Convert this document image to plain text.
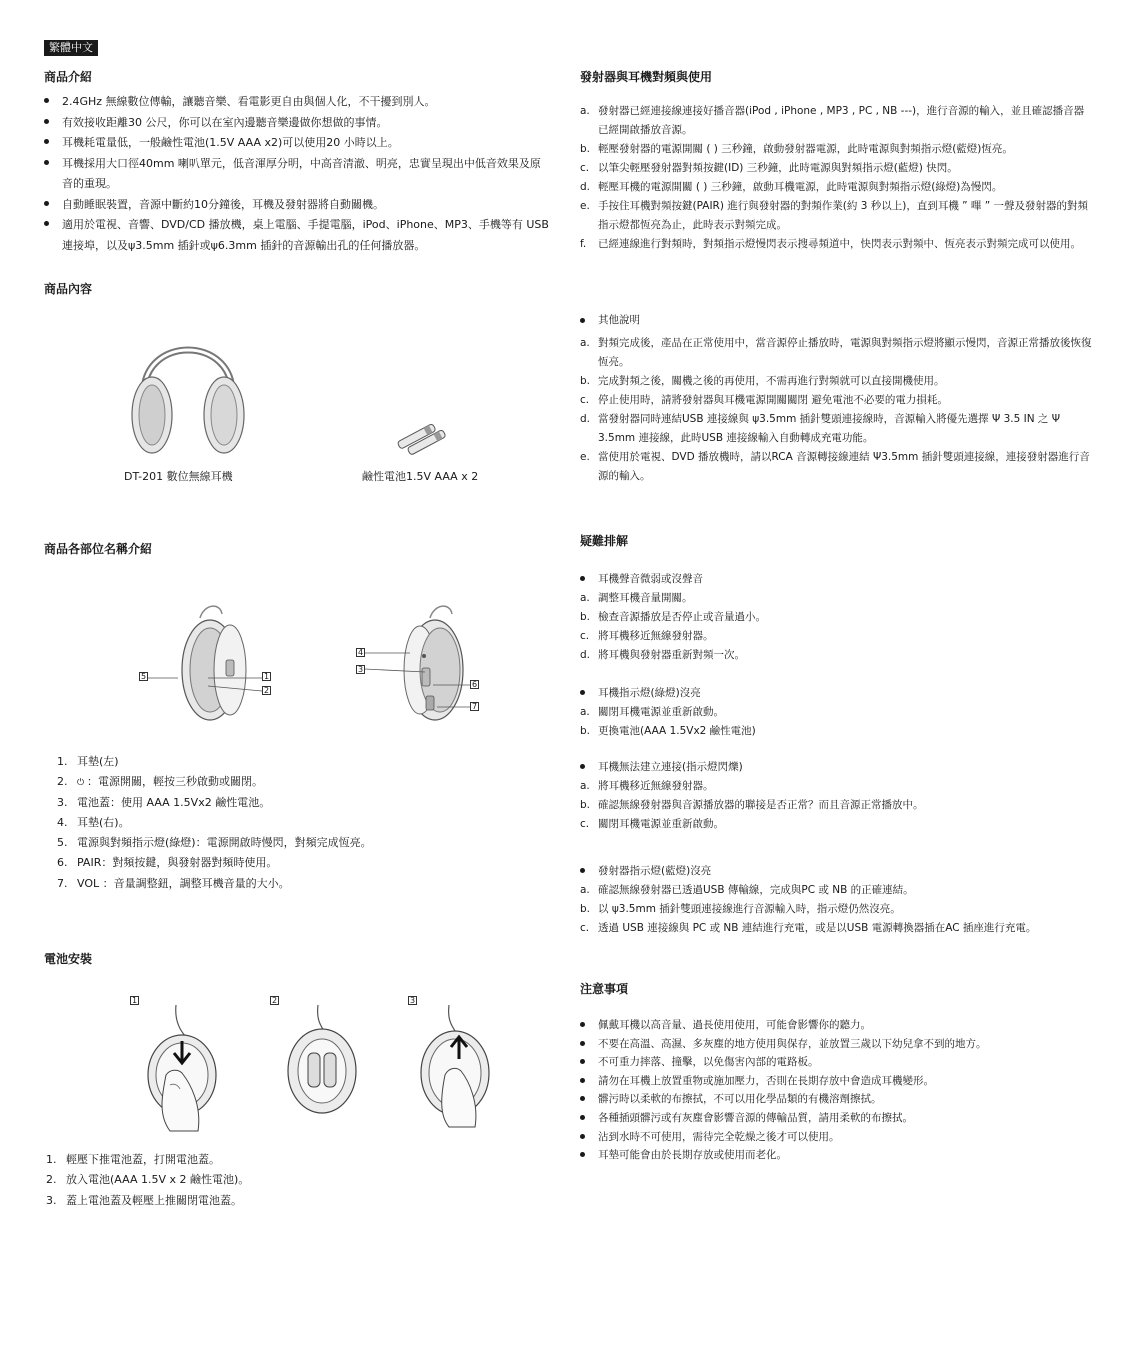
繁體中文
商品介紹
2.4GHz 無線數位傳輸，讓聽音樂、看電影更自由與個人化，不干擾到別人。
有效接收距離30 公尺，你可以在室內邊聽音樂邊做你想做的事情。
耳機耗電量低，一般鹼性電池(1.5V AAA x2)可以使用20 小時以上。
耳機採用大口徑40mm 喇叭單元，低音渾厚分明，中高音清澈、明亮，忠實呈現出中低音效果及原音的重現。
自動睡眠裝置，音源中斷約10分鐘後，耳機及發射器將自動關機。
適用於電視、音響、DVD/CD 播放機，桌上電腦、手提電腦，iPod、iPhone、MP3、手機等有 USB 連接埠，以及ψ3.5mm 插針或ψ6.3mm 插針的音源輸出孔的任何播放器。
商品內容
DT-201 數位無線耳機	鹼性電池1.5V AAA x 2
商品各部位名稱介紹
5	1
2
4
3
6
7
1. 耳墊(左)
2. ⏻ ：電源開關，輕按三秒啟動或關閉。
3. 電池蓋：使用 AAA 1.5Vx2 鹼性電池。
4. 耳墊(右)。
5. 電源與對頻指示燈(綠燈)：電源開啟時慢閃，對頻完成恆亮。
6. PAIR：對頻按鍵，與發射器對頻時使用。
7. VOL ：音量調整鈕，調整耳機音量的大小。
電池安裝
1	2	3
1. 輕壓下推電池蓋，打開電池蓋。
2. 放入電池(AAA 1.5V x 2 鹼性電池)。
3. 蓋上電池蓋及輕壓上推關閉電池蓋。
發射器與耳機對頻與使用
a. 發射器已經連接線連接好播音器(iPod , iPhone , MP3 , PC , NB ---)，進行音源的輸入，並且確認播音器已經開啟播放音源。
b. 輕壓發射器的電源開關 ( ) 三秒鐘，啟動發射器電源，此時電源與對頻指示燈(藍燈)恆亮。
c. 以筆尖輕壓發射器對頻按鍵(ID) 三秒鐘，此時電源與對頻指示燈(藍燈) 快閃。
d. 輕壓耳機的電源開關 ( ) 三秒鐘，啟動耳機電源，此時電源與對頻指示燈(綠燈)為慢閃。
e. 手按住耳機對頻按鍵(PAIR) 進行與發射器的對頻作業(約 3 秒以上)，直到耳機 ” 嗶 ” 一聲及發射器的對頻指示燈都恆亮為止，此時表示對頻完成。
f. 已經連線進行對頻時，對頻指示燈慢閃表示搜尋頻道中，快閃表示對頻中、恆亮表示對頻完成可以使用。
其他說明
a. 對頻完成後，產品在正常使用中，當音源停止播放時，電源與對頻指示燈將顯示慢閃，音源正常播放後恢復恆亮。
b. 完成對頻之後，關機之後的再使用，不需再進行對頻就可以直接開機使用。
c. 停止使用時，請將發射器與耳機電源開關關閉 避免電池不必要的電力損耗。
d. 當發射器同時連結USB 連接線與 ψ3.5mm 插針雙頭連接線時，音源輸入將優先選擇 Ψ 3.5 IN 之 Ψ 3.5mm 連接線，此時USB 連接線輸入自動轉成充電功能。
e. 當使用於電視、DVD 播放機時，請以RCA 音源轉接線連結 Ψ3.5mm 插針雙頭連接線，連接發射器進行音源的輸入。
疑難排解
耳機聲音微弱或沒聲音
a. 調整耳機音量開關。
b. 檢查音源播放是否停止或音量過小。
c. 將耳機移近無線發射器。
d. 將耳機與發射器重新對頻一次。
耳機指示燈(綠燈)沒亮
a. 關閉耳機電源並重新啟動。
b. 更換電池(AAA 1.5Vx2 鹼性電池)
耳機無法建立連接(指示燈閃爍)
a. 將耳機移近無線發射器。
b. 確認無線發射器與音源播放器的聯接是否正常？而且音源正常播放中。
c. 關閉耳機電源並重新啟動。
發射器指示燈(藍燈)沒亮
a. 確認無線發射器已透過USB 傳輸線，完成與PC 或 NB 的正確連結。
b. 以 ψ3.5mm 插針雙頭連接線進行音源輸入時，指示燈仍然沒亮。
c. 透過 USB 連接線與 PC 或 NB 連結進行充電，或是以USB 電源轉換器插在AC 插座進行充電。
注意事項
佩戴耳機以高音量、過長使用使用，可能會影響你的聽力。
不要在高溫、高濕、多灰塵的地方使用與保存，並放置三歲以下幼兒拿不到的地方。
不可重力摔落、撞擊，以免傷害內部的電路板。
請勿在耳機上放置重物或施加壓力，否則在長期存放中會造成耳機變形。
髒污時以柔軟的布擦拭，不可以用化學品類的有機溶劑擦拭。
各種插頭髒污或有灰塵會影響音源的傳輸品質，請用柔軟的布擦拭。
沾到水時不可使用，需待完全乾燥之後才可以使用。
耳墊可能會由於長期存放或使用而老化。
